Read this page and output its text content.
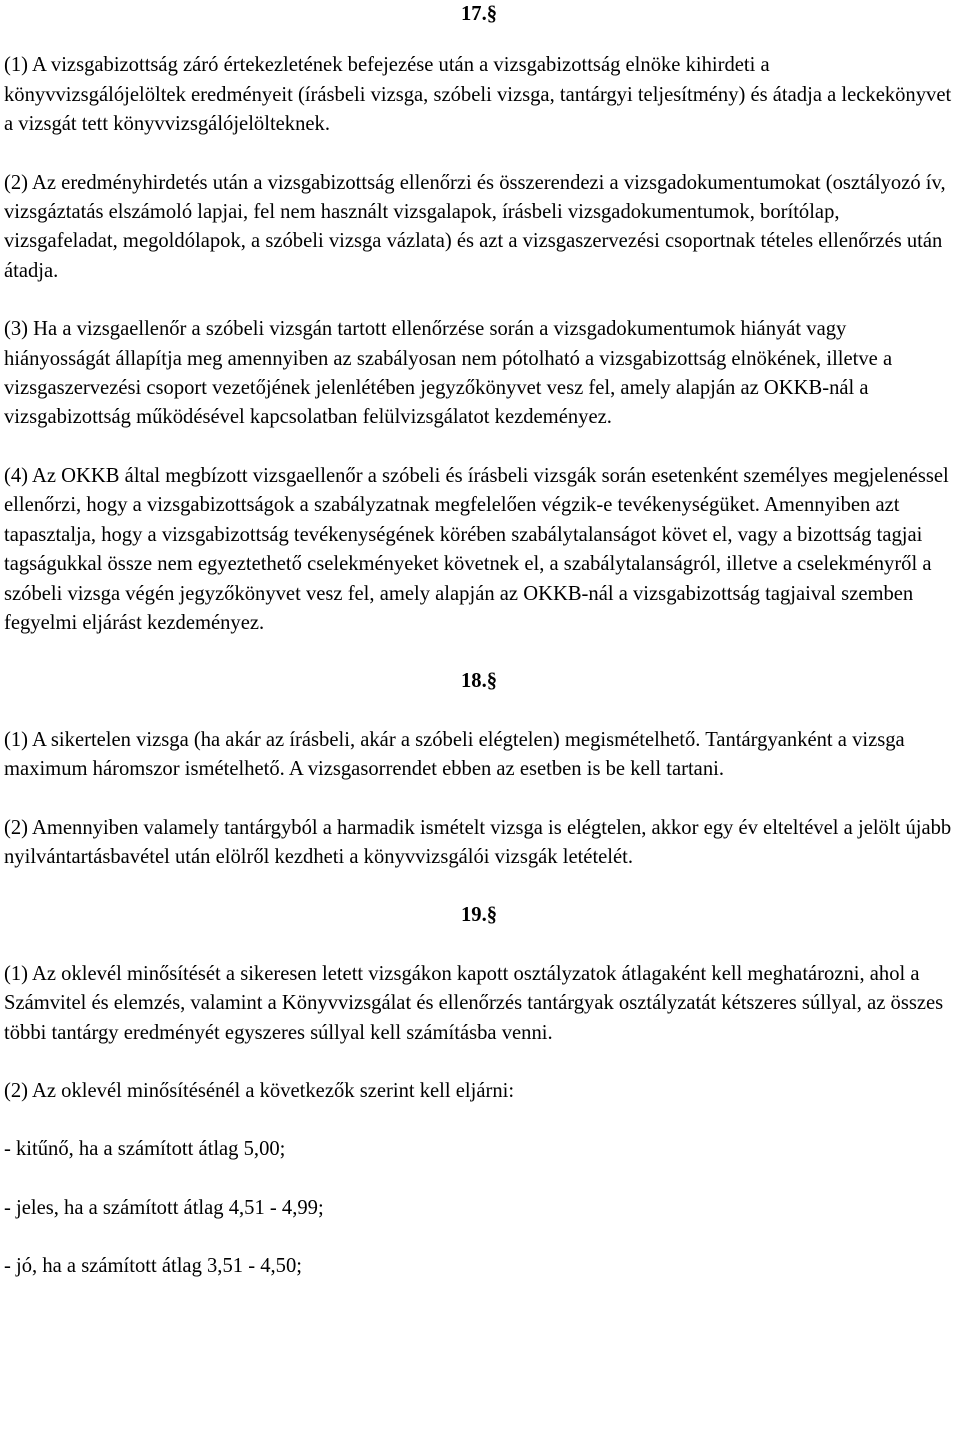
17.§

(1) A vizsgabizottság záró értekezletének befejezése után a vizsgabizottság elnöke kihirdeti a könyvvizsgálójelöltek eredményeit (írásbeli vizsga, szóbeli vizsga, tantárgyi teljesítmény) és átadja a leckekönyvet a vizsgát tett könyvvizsgálójelölteknek.

(2) Az eredményhirdetés után a vizsgabizottság ellenőrzi és összerendezi a vizsgadokumentumokat (osztályozó ív, vizsgáztatás elszámoló lapjai, fel nem használt vizsgalapok, írásbeli vizsgadokumentumok, borítólap, vizsgafeladat, megoldólapok, a szóbeli vizsga vázlata) és azt a vizsgaszervezési csoportnak tételes ellenőrzés után átadja.

(3) Ha a vizsgaellenőr a szóbeli vizsgán tartott ellenőrzése során a vizsgadokumentumok hiányát vagy hiányosságát állapítja meg amennyiben az szabályosan nem pótolható a vizsgabizottság elnökének, illetve a vizsgaszervezési csoport vezetőjének jelenlétében jegyzőkönyvet vesz fel, amely alapján az OKKB-nál a vizsgabizottság működésével kapcsolatban felülvizsgálatot kezdeményez.

(4) Az OKKB által megbízott vizsgaellenőr a szóbeli és írásbeli vizsgák során esetenként személyes megjelenéssel ellenőrzi, hogy a vizsgabizottságok a szabályzatnak megfelelően végzik-e tevékenységüket. Amennyiben azt tapasztalja, hogy a vizsgabizottság tevékenységének körében szabálytalanságot követ el, vagy a bizottság tagjai tagságukkal össze nem egyeztethető cselekményeket követnek el, a szabálytalanságról, illetve a cselekményről a szóbeli vizsga végén jegyzőkönyvet vesz fel, amely alapján az OKKB-nál a vizsgabizottság tagjaival szemben fegyelmi eljárást kezdeményez.

18.§

(1) A sikertelen vizsga (ha akár az írásbeli, akár a szóbeli elégtelen) megismételhető. Tantárgyanként a vizsga maximum háromszor ismételhető. A vizsgasorrendet ebben az esetben is be kell tartani.

(2) Amennyiben valamely tantárgyból a harmadik ismételt vizsga is elégtelen, akkor egy év elteltével a jelölt újabb nyilvántartásbavétel után elölről kezdheti a könyvvizsgálói vizsgák letételét.

19.§

(1) Az oklevél minősítését a sikeresen letett vizsgákon kapott osztályzatok átlagaként kell meghatározni, ahol a Számvitel és elemzés, valamint a Könyvvizsgálat és ellenőrzés tantárgyak osztályzatát kétszeres súllyal, az összes többi tantárgy eredményét egyszeres súllyal kell számításba venni.

(2) Az oklevél minősítésénél a következők szerint kell eljárni:

- kitűnő, ha a számított átlag 5,00;

- jeles, ha a számított átlag 4,51 - 4,99;

- jó, ha a számított átlag 3,51 - 4,50;
